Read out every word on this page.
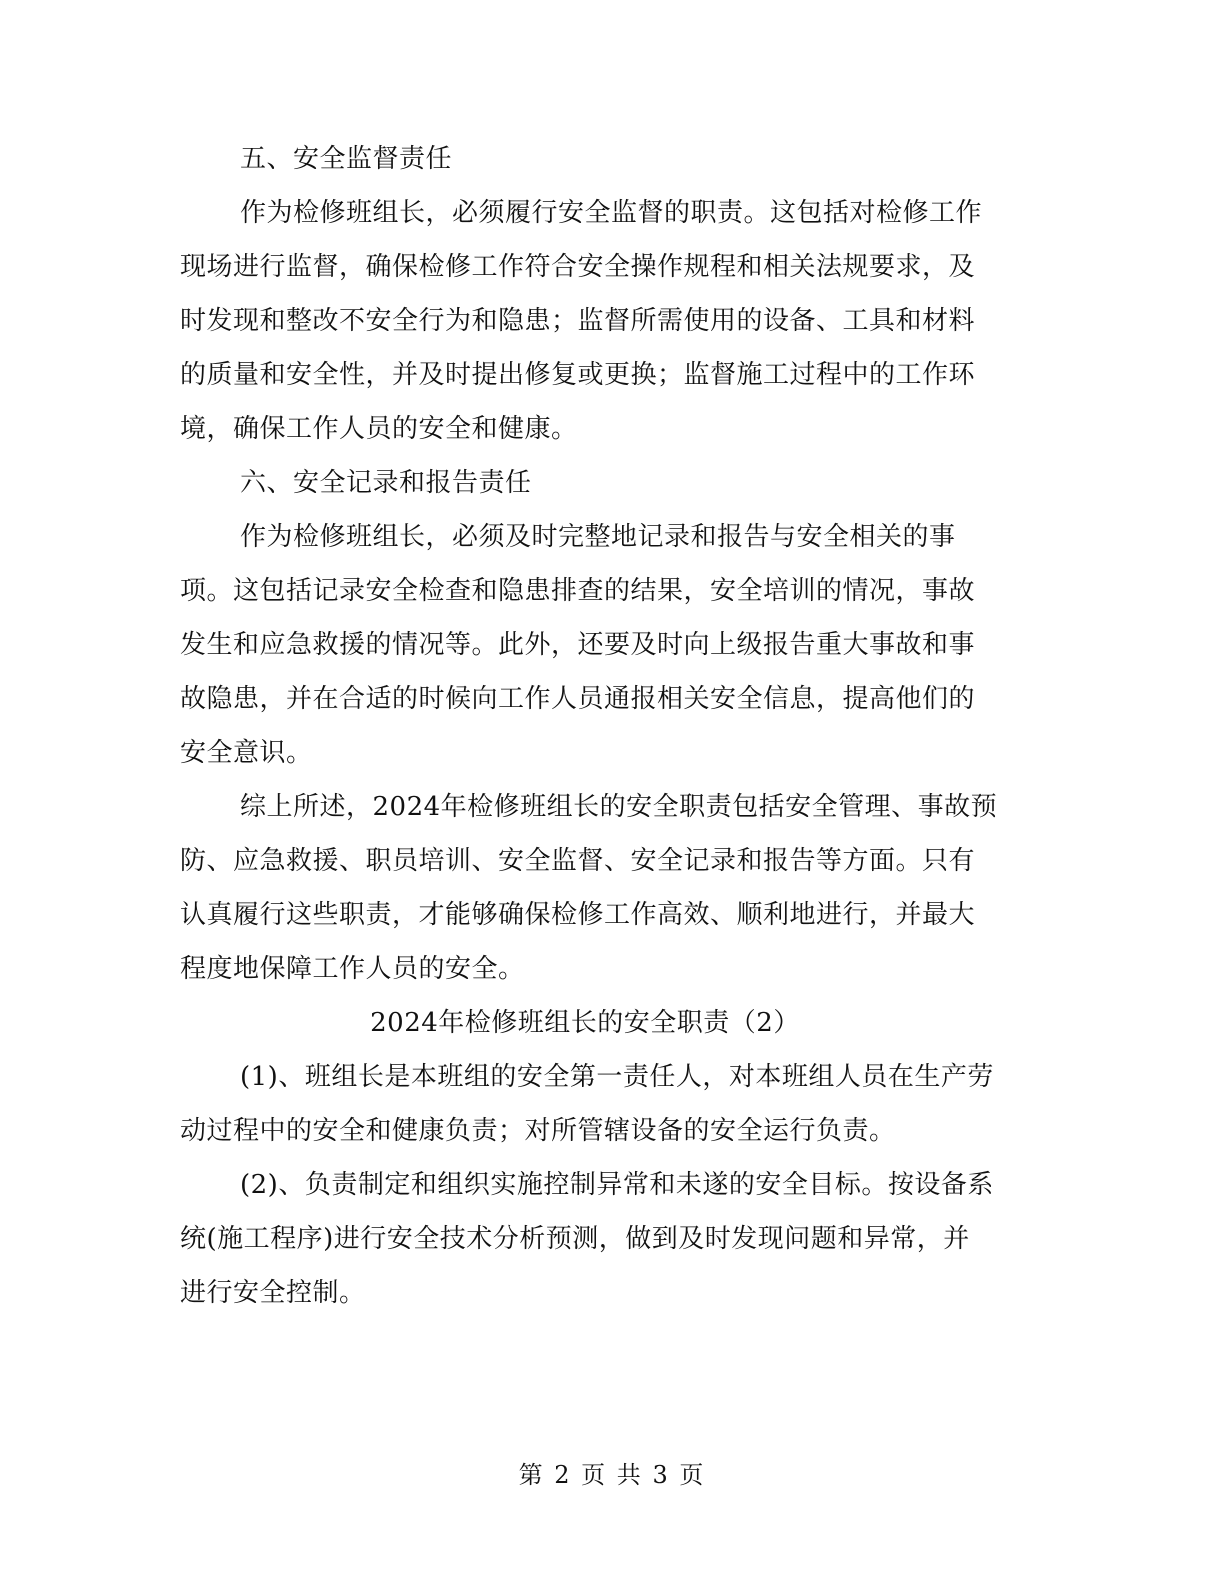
五、安全监督责任
作为检修班组长，必须履行安全监督的职责。这包括对检修工作
现场进行监督，确保检修工作符合安全操作规程和相关法规要求，及
时发现和整改不安全行为和隐患；监督所需使用的设备、工具和材料
的质量和安全性，并及时提出修复或更换；监督施工过程中的工作环
境，确保工作人员的安全和健康。
六、安全记录和报告责任
作为检修班组长，必须及时完整地记录和报告与安全相关的事
项。这包括记录安全检查和隐患排查的结果，安全培训的情况，事故
发生和应急救援的情况等。此外，还要及时向上级报告重大事故和事
故隐患，并在合适的时候向工作人员通报相关安全信息，提高他们的
安全意识。
综上所述，2024年检修班组长的安全职责包括安全管理、事故预
防、应急救援、职员培训、安全监督、安全记录和报告等方面。只有
认真履行这些职责，才能够确保检修工作高效、顺利地进行，并最大
程度地保障工作人员的安全。
2024年检修班组长的安全职责（2）
(1)、班组长是本班组的安全第一责任人，对本班组人员在生产劳
动过程中的安全和健康负责；对所管辖设备的安全运行负责。
(2)、负责制定和组织实施控制异常和未遂的安全目标。按设备系
统(施工程序)进行安全技术分析预测，做到及时发现问题和异常，并
进行安全控制。
第 2 页 共 3 页
